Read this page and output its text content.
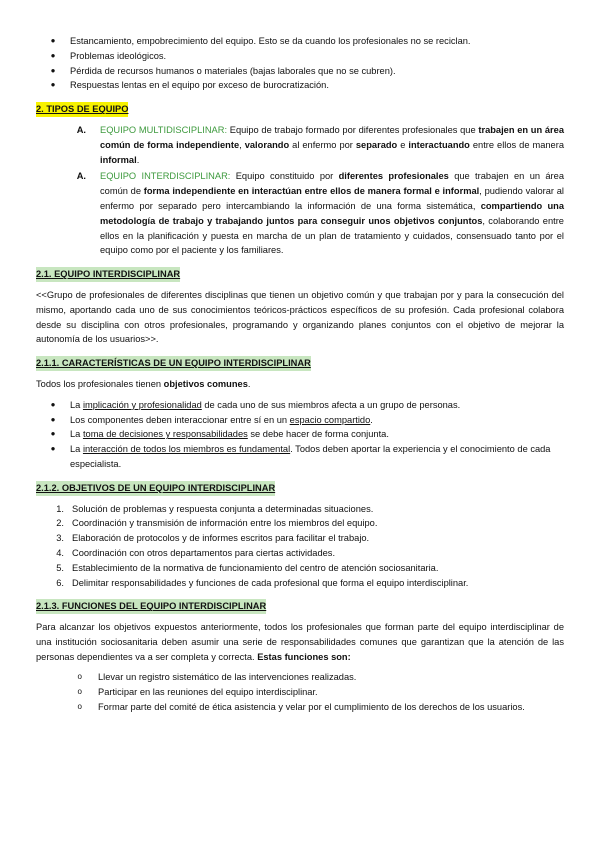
●	Estancamiento, empobrecimiento del equipo. Esto se da cuando los profesionales no se reciclan.
●	Problemas ideológicos.
●	Pérdida de recursos humanos o materiales (bajas laborales que no se cubren).
●	Respuestas lentas en el equipo por exceso de burocratización.
2. TIPOS DE EQUIPO
A.	EQUIPO MULTIDISCIPLINAR: Equipo de trabajo formado por diferentes profesionales que trabajen en un área común de forma independiente, valorando al enfermo por separado e interactuando entre ellos de manera informal.
A.	EQUIPO INTERDISCIPLINAR: Equipo constituido por diferentes profesionales que trabajen en un área común de forma independiente en interactúan entre ellos de manera formal e informal, pudiendo valorar al enfermo por separado pero intercambiando la información de una forma sistemática, compartiendo una metodología de trabajo y trabajando juntos para conseguir unos objetivos conjuntos, colaborando entre ellos en la planificación y puesta en marcha de un plan de tratamiento y cuidados, consensuado tanto por el equipo como por el paciente y los familiares.
2.1. EQUIPO INTERDISCIPLINAR

<<Grupo de profesionales de diferentes disciplinas que tienen un objetivo común y que trabajan por y para la consecución del mismo, aportando cada uno de sus conocimientos teóricos-prácticos específicos de su profesión. Cada profesional colabora desde su disciplina con otros profesionales, programando y organizando planes conjuntos con el objetivo de mejorar la autonomía de los usuarios>>.

2.1.1. CARACTERÍSTICAS DE UN EQUIPO INTERDISCIPLINAR

Todos los profesionales tienen objetivos comunes.

●	La implicación y profesionalidad de cada uno de sus miembros afecta a un grupo de personas.
●	Los componentes deben interaccionar entre sí en un espacio compartido.
●	La toma de decisiones y responsabilidades se debe hacer de forma conjunta.
●	La interacción de todos los miembros es fundamental. Todos deben aportar la experiencia y el conocimiento de cada especialista.
2.1.2. OBJETIVOS DE UN EQUIPO INTERDISCIPLINAR
1. Solución de problemas y respuesta conjunta a determinadas situaciones.
2. Coordinación y transmisión de información entre los miembros del equipo.
3. Elaboración de protocolos y de informes escritos para facilitar el trabajo.
4. Coordinación con otros departamentos para ciertas actividades.
5. Establecimiento de la normativa de funcionamiento del centro de atención sociosanitaria.
6. Delimitar responsabilidades y funciones de cada profesional que forma el equipo interdisciplinar.
2.1.3. FUNCIONES DEL EQUIPO INTERDISCIPLINAR

Para alcanzar los objetivos expuestos anteriormente, todos los profesionales que forman parte del equipo interdisciplinar de una institución sociosanitaria deben asumir una serie de responsabilidades comunes que garantizan que la atención de las personas dependientes va a ser completa y correcta. Estas funciones son:

o	Llevar un registro sistemático de las intervenciones realizadas.
o	Participar en las reuniones del equipo interdisciplinar.
o	Formar parte del comité de ética asistencia y velar por el cumplimiento de los derechos de los usuarios.
